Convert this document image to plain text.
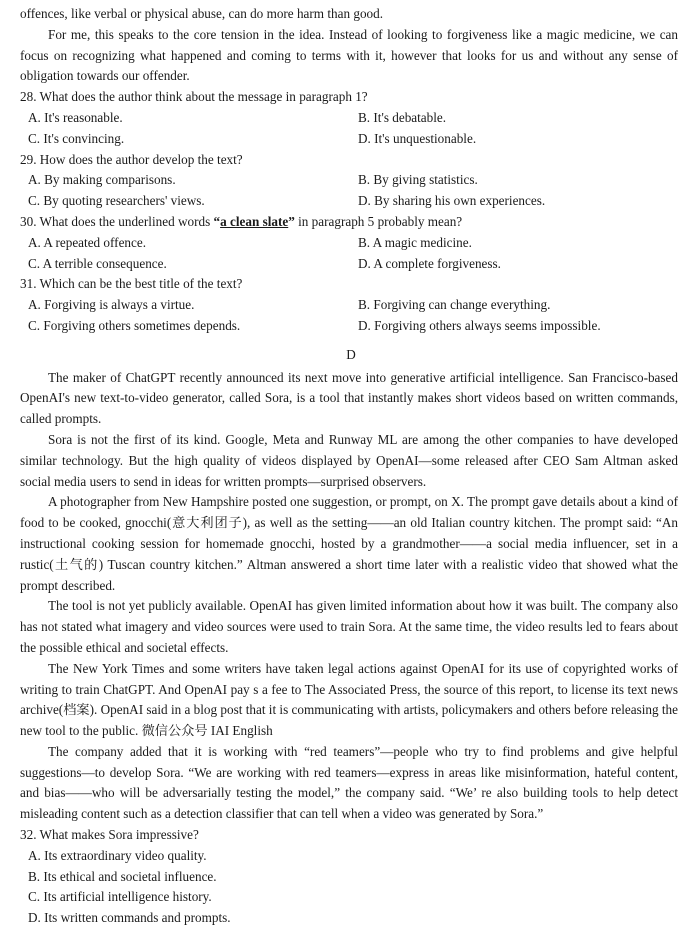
offences, like verbal or physical abuse, can do more harm than good.

For me, this speaks to the core tension in the idea. Instead of looking to forgiveness like a magic medicine, we can focus on recognizing what happened and coming to terms with it, however that looks for us and without any sense of obligation towards our offender.

28. What does the author think about the message in paragraph 1?
A. It's reasonable.	B. It's debatable.
C. It's convincing.	D. It's unquestionable.
29. How does the author develop the text?
A. By making comparisons.	B. By giving statistics.
C. By quoting researchers' views.	D. By sharing his own experiences.
30. What does the underlined words “a clean slate” in paragraph 5 probably mean?
A. A repeated offence.	B. A magic medicine.
C. A terrible consequence.	D. A complete forgiveness.
31. Which can be the best title of the text?
A. Forgiving is always a virtue.	B. Forgiving can change everything.
C. Forgiving others sometimes depends.	D. Forgiving others always seems impossible.
D

The maker of ChatGPT recently announced its next move into generative artificial intelligence. San Francisco-based OpenAI's new text-to-video generator, called Sora, is a tool that instantly makes short videos based on written commands, called prompts.

Sora is not the first of its kind. Google, Meta and Runway ML are among the other companies to have developed similar technology. But the high quality of videos displayed by OpenAI—some released after CEO Sam Altman asked social media users to send in ideas for written prompts—surprised observers.

A photographer from New Hampshire posted one suggestion, or prompt, on X. The prompt gave details about a kind of food to be cooked, gnocchi(意大利团子), as well as the setting——an old Italian country kitchen. The prompt said: “An instructional cooking session for homemade gnocchi, hosted by a grandmother——a social media influencer, set in a rustic(土气的) Tuscan country kitchen.” Altman answered a short time later with a realistic video that showed what the prompt described.

The tool is not yet publicly available. OpenAI has given limited information about how it was built. The company also has not stated what imagery and video sources were used to train Sora. At the same time, the video results led to fears about the possible ethical and societal effects.

The New York Times and some writers have taken legal actions against OpenAI for its use of copyrighted works of writing to train ChatGPT. And OpenAI pay s a fee to The Associated Press, the source of this report, to license its text news archive(档案). OpenAI said in a blog post that it is communicating with artists, policymakers and others before releasing the new tool to the public. 微信公众号 IAI English

The company added that it is working with “red teamers”—people who try to find problems and give helpful suggestions—to develop Sora. “We are working with red teamers—express in areas like misinformation, hateful content, and bias——who will be adversarially testing the model,” the company said. “We’ re also building tools to help detect misleading content such as a detection classifier that can tell when a video was generated by Sora.”

32. What makes Sora impressive?
A. Its extraordinary video quality.
B. Its ethical and societal influence.
C. Its artificial intelligence history.
D. Its written commands and prompts.
